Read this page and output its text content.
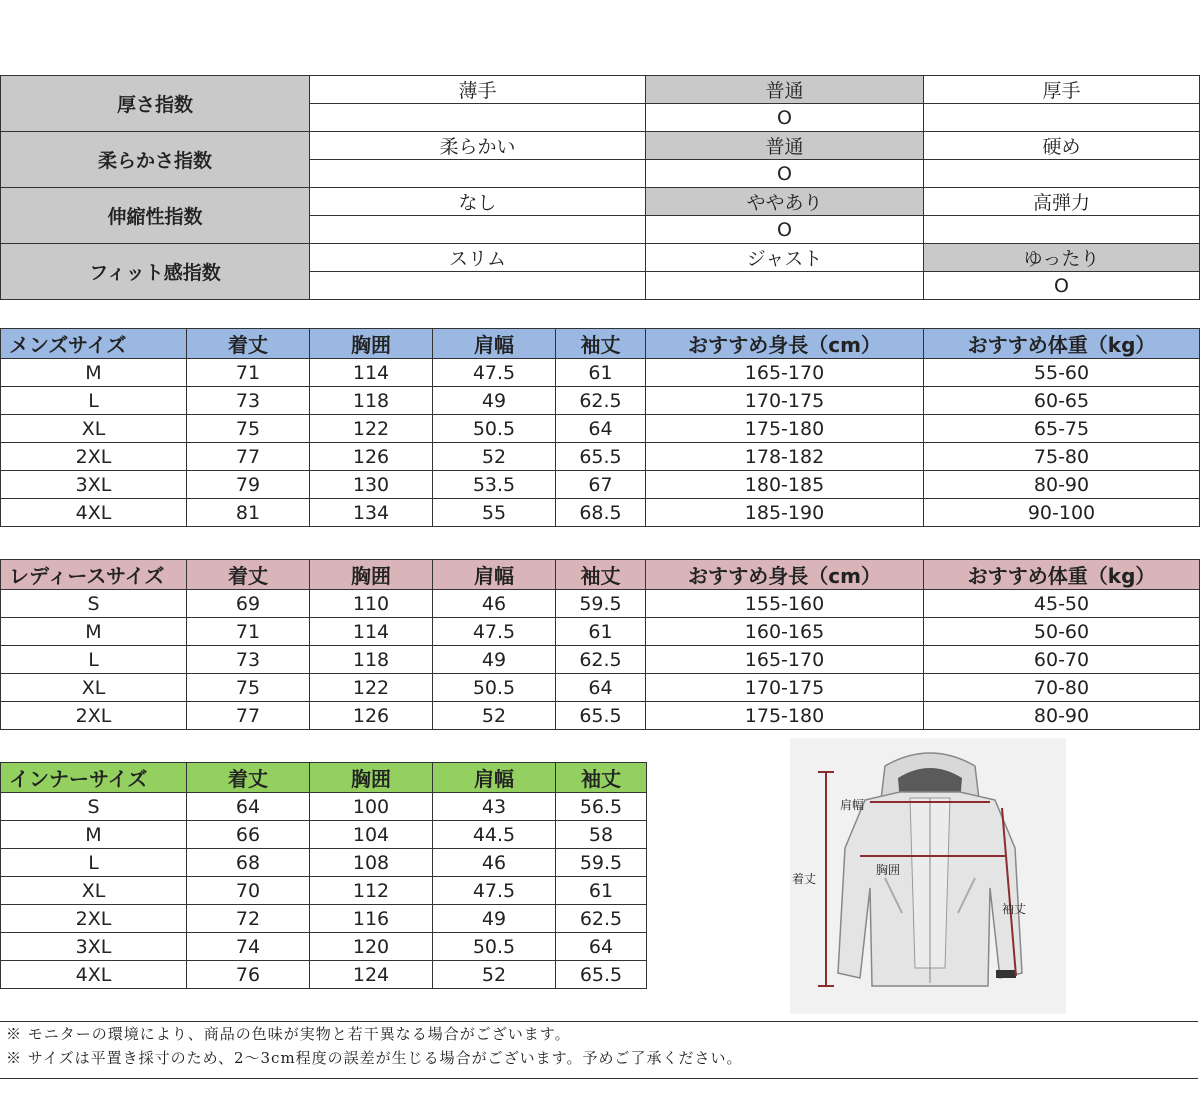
厚さ指数	薄手	普通	厚手
		O	
柔らかさ指数	柔らかい	普通	硬め
		O	
伸縮性指数	なし	ややあり	高弾力
		O	
フィット感指数	スリム	ジャスト	ゆったり
			O
メンズサイズ	着丈	胸囲	肩幅	袖丈	おすすめ身長（cm）	おすすめ体重（kg）
M	71	114	47.5	61	165-170	55-60
L	73	118	49	62.5	170-175	60-65
XL	75	122	50.5	64	175-180	65-75
2XL	77	126	52	65.5	178-182	75-80
3XL	79	130	53.5	67	180-185	80-90
4XL	81	134	55	68.5	185-190	90-100
レディースサイズ	着丈	胸囲	肩幅	袖丈	おすすめ身長（cm）	おすすめ体重（kg）
S	69	110	46	59.5	155-160	45-50
M	71	114	47.5	61	160-165	50-60
L	73	118	49	62.5	165-170	60-70
XL	75	122	50.5	64	170-175	70-80
2XL	77	126	52	65.5	175-180	80-90
インナーサイズ	着丈	胸囲	肩幅	袖丈
S	64	100	43	56.5
M	66	104	44.5	58
L	68	108	46	59.5
XL	70	112	47.5	61
2XL	72	116	49	62.5
3XL	74	120	50.5	64
4XL	76	124	52	65.5
肩幅
胸囲
着丈
袖丈
※ モニターの環境により、商品の色味が実物と若干異なる場合がございます。
※ サイズは平置き採寸のため、2～3cm程度の誤差が生じる場合がございます。予めご了承ください。
